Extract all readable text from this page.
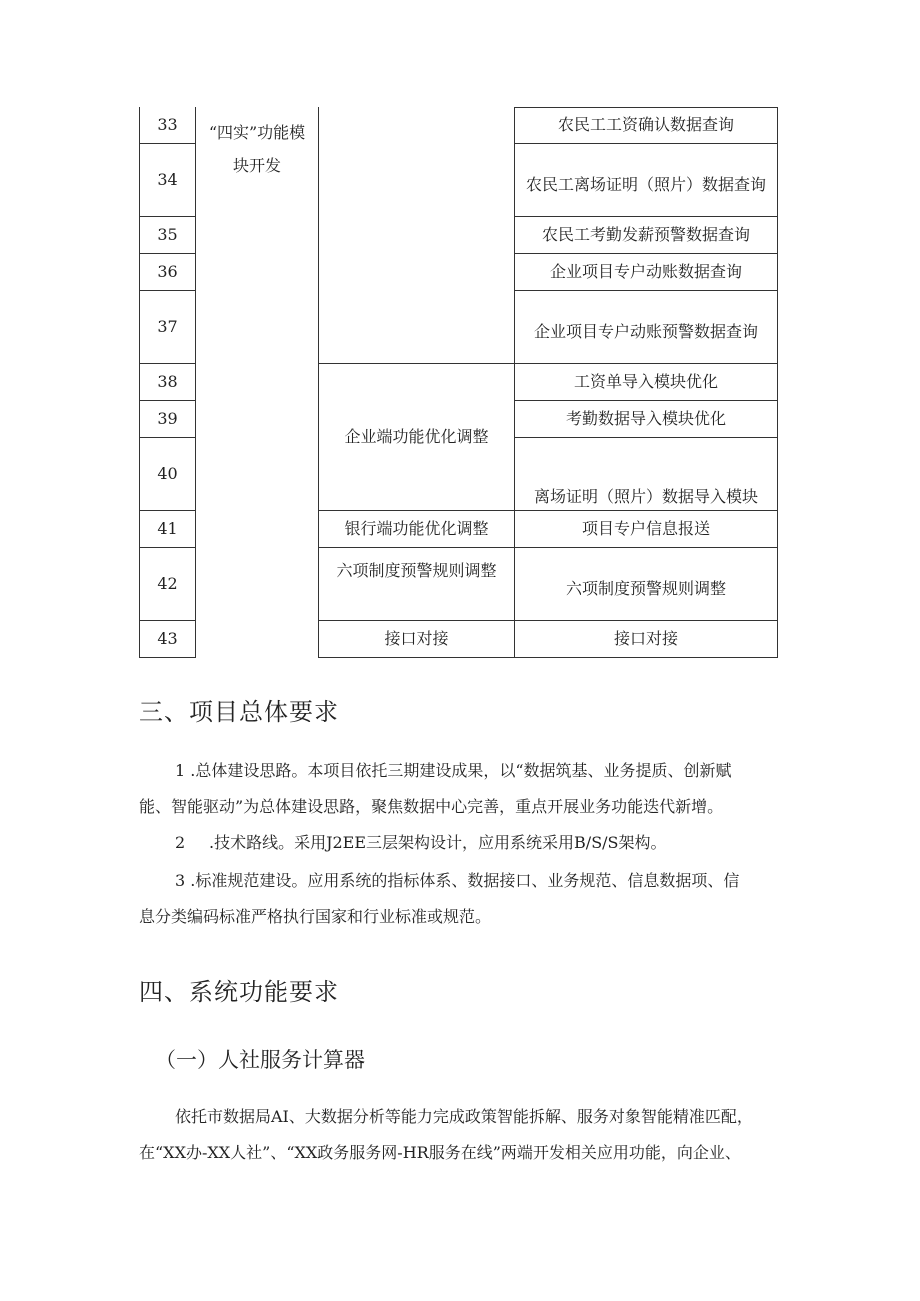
33
34
35
36
37
38
39
40
41
42
43
“四实”功能模
块开发
企业端功能优化调整
银行端功能优化调整
六项制度预警规则调整
接口对接
农民工工资确认数据查询
农民工离场证明（照片）数据查询
农民工考勤发薪预警数据查询
企业项目专户动账数据查询
企业项目专户动账预警数据查询
工资单导入模块优化
考勤数据导入模块优化
离场证明（照片）数据导入模块
项目专户信息报送
六项制度预警规则调整
接口对接
三、项目总体要求
1 .总体建设思路。本项目依托三期建设成果，以“数据筑基、业务提质、创新赋
能、智能驱动”为总体建设思路，聚焦数据中心完善，重点开展业务功能迭代新增。
2 .技术路线。采用J2EE三层架构设计，应用系统采用B/S/S架构。
3 .标准规范建设。应用系统的指标体系、数据接口、业务规范、信息数据项、信
息分类编码标准严格执行国家和行业标准或规范。
四、系统功能要求
（一）人社服务计算器
依托市数据局AI、大数据分析等能力完成政策智能拆解、服务对象智能精准匹配，
在“XX办-XX人社”、“XX政务服务网-HR服务在线”两端开发相关应用功能，向企业、
